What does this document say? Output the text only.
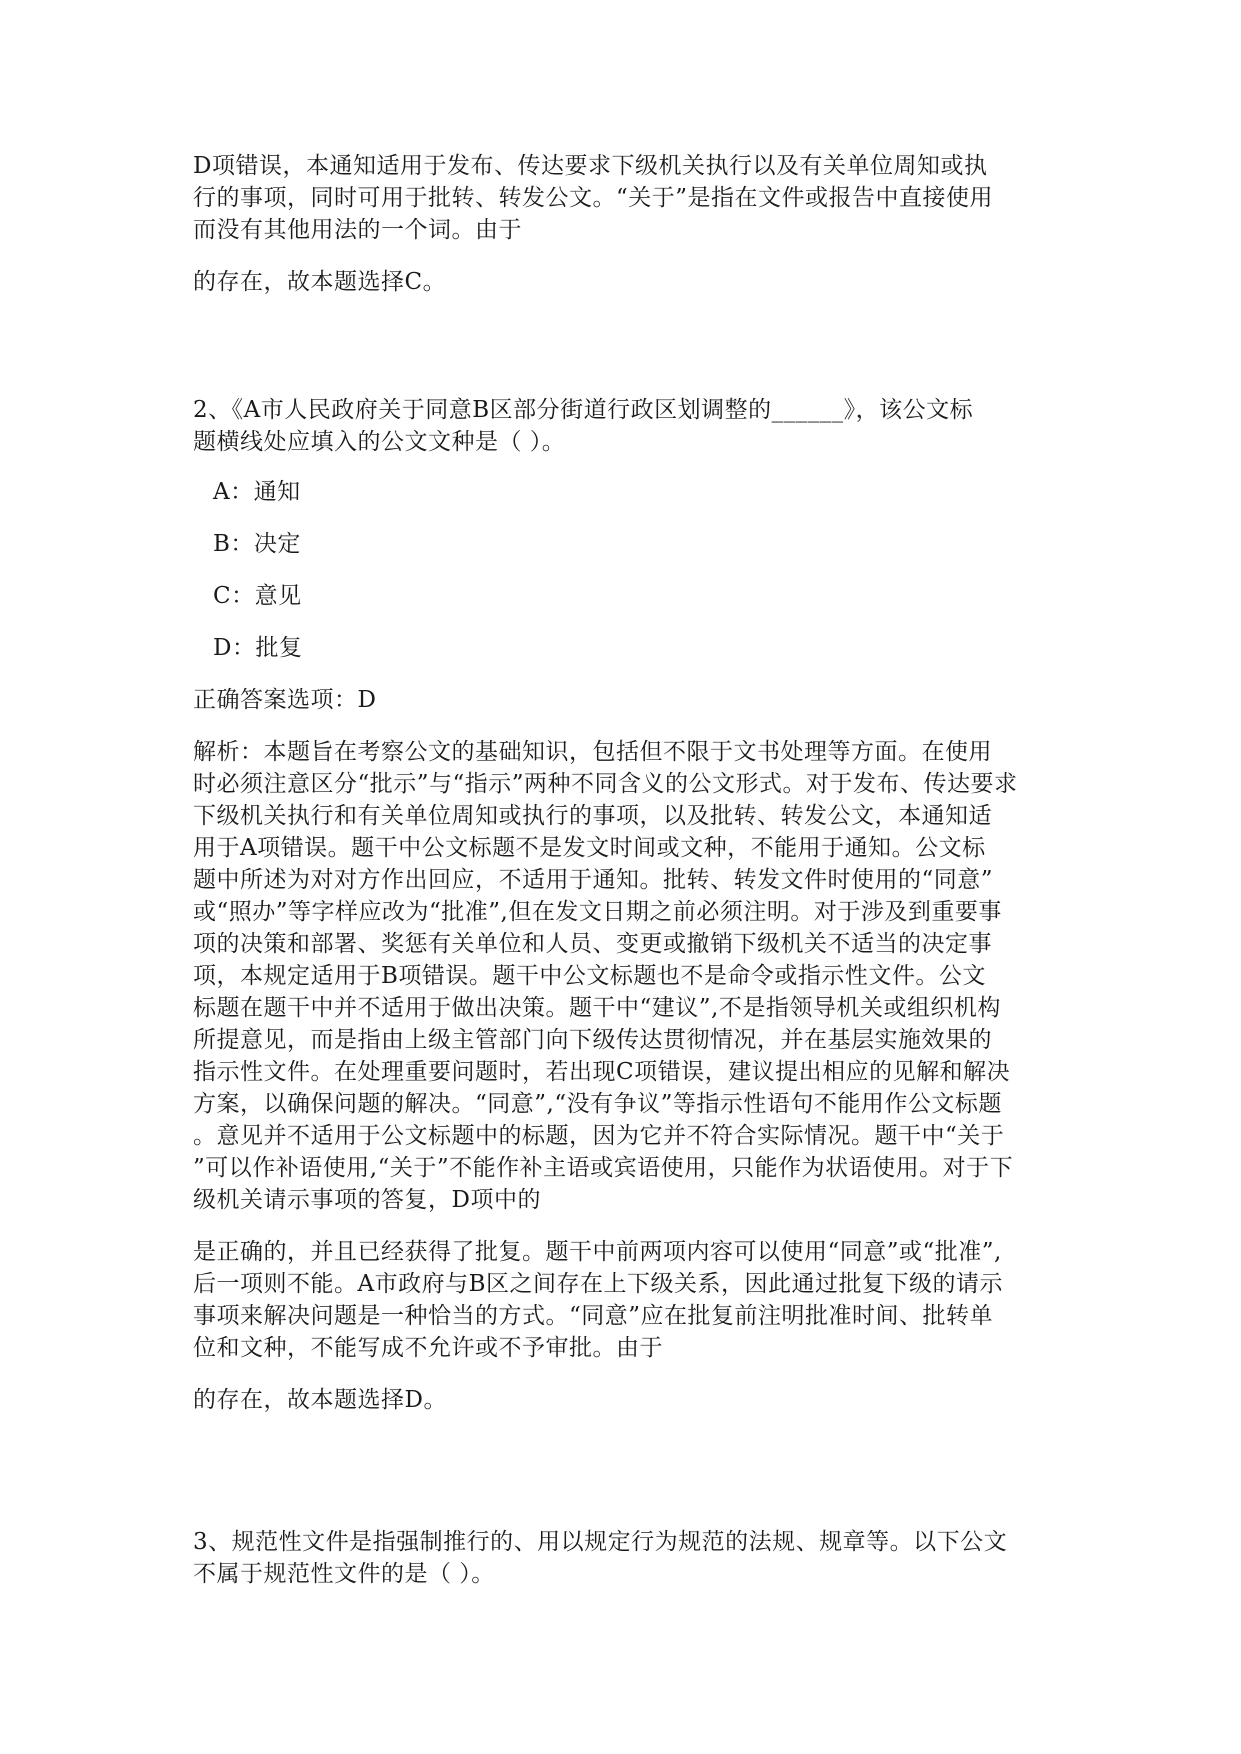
D项错误，本通知适用于发布、传达要求下级机关执行以及有关单位周知或执
行的事项，同时可用于批转、转发公文。“关于”是指在文件或报告中直接使用
而没有其他用法的一个词。由于

的存在，故本题选择C。

2、《A市人民政府关于同意B区部分街道行政区划调整的______》，该公文标
题横线处应填入的公文文种是（ ）。

A：通知

B：决定

C：意见

D：批复

正确答案选项：D

解析：本题旨在考察公文的基础知识，包括但不限于文书处理等方面。在使用
时必须注意区分“批示”与“指示”两种不同含义的公文形式。对于发布、传达要求
下级机关执行和有关单位周知或执行的事项，以及批转、转发公文，本通知适
用于A项错误。题干中公文标题不是发文时间或文种，不能用于通知。公文标
题中所述为对对方作出回应，不适用于通知。批转、转发文件时使用的“同意”
或“照办”等字样应改为“批准”,但在发文日期之前必须注明。对于涉及到重要事
项的决策和部署、奖惩有关单位和人员、变更或撤销下级机关不适当的决定事
项，本规定适用于B项错误。题干中公文标题也不是命令或指示性文件。公文
标题在题干中并不适用于做出决策。题干中“建议”,不是指领导机关或组织机构
所提意见，而是指由上级主管部门向下级传达贯彻情况，并在基层实施效果的
指示性文件。在处理重要问题时，若出现C项错误，建议提出相应的见解和解决
方案，以确保问题的解决。“同意”,“没有争议”等指示性语句不能用作公文标题
。意见并不适用于公文标题中的标题，因为它并不符合实际情况。题干中“关于
”可以作补语使用,“关于”不能作补主语或宾语使用，只能作为状语使用。对于下
级机关请示事项的答复，D项中的

是正确的，并且已经获得了批复。题干中前两项内容可以使用“同意”或“批准”,
后一项则不能。A市政府与B区之间存在上下级关系，因此通过批复下级的请示
事项来解决问题是一种恰当的方式。“同意”应在批复前注明批准时间、批转单
位和文种，不能写成不允许或不予审批。由于

的存在，故本题选择D。

3、规范性文件是指强制推行的、用以规定行为规范的法规、规章等。以下公文
不属于规范性文件的是（ ）。
